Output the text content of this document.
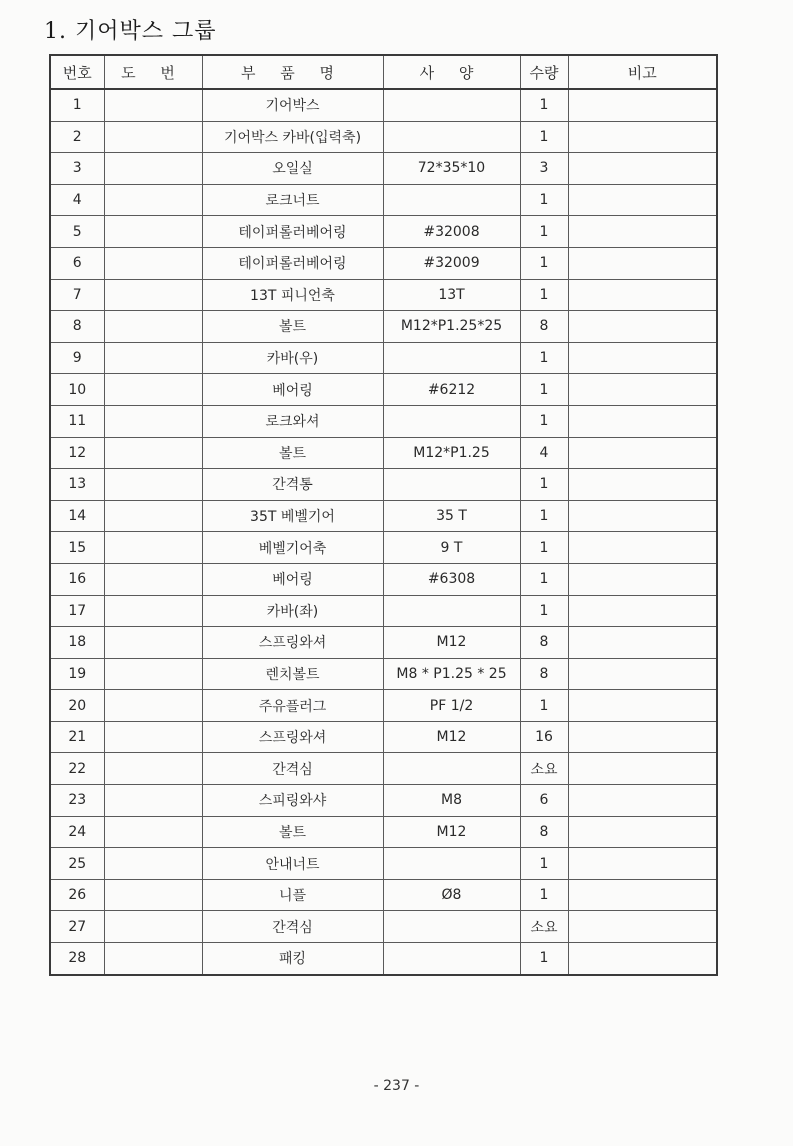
1. 기어박스 그룹
번호	도 번	부 품 명	사 양	수량	비고
1		기어박스		1	
2		기어박스 카바(입력축)		1	
3		오일실	72*35*10	3	
4		로크너트		1	
5		테이퍼롤러베어링	#32008	1	
6		테이퍼롤러베어링	#32009	1	
7		13T 피니언축	13T	1	
8		볼트	M12*P1.25*25	8	
9		카바(우)		1	
10		베어링	#6212	1	
11		로크와셔		1	
12		볼트	M12*P1.25	4	
13		간격통		1	
14		35T 베벨기어	35 T	1	
15		베벨기어축	9 T	1	
16		베어링	#6308	1	
17		카바(좌)		1	
18		스프링와셔	M12	8	
19		렌치볼트	M8 * P1.25 * 25	8	
20		주유플러그	PF 1/2	1	
21		스프링와셔	M12	16	
22		간격심		소요	
23		스피링와샤	M8	6	
24		볼트	M12	8	
25		안내너트		1	
26		니플	Ø8	1	
27		간격심		소요	
28		패킹		1	
- 237 -
